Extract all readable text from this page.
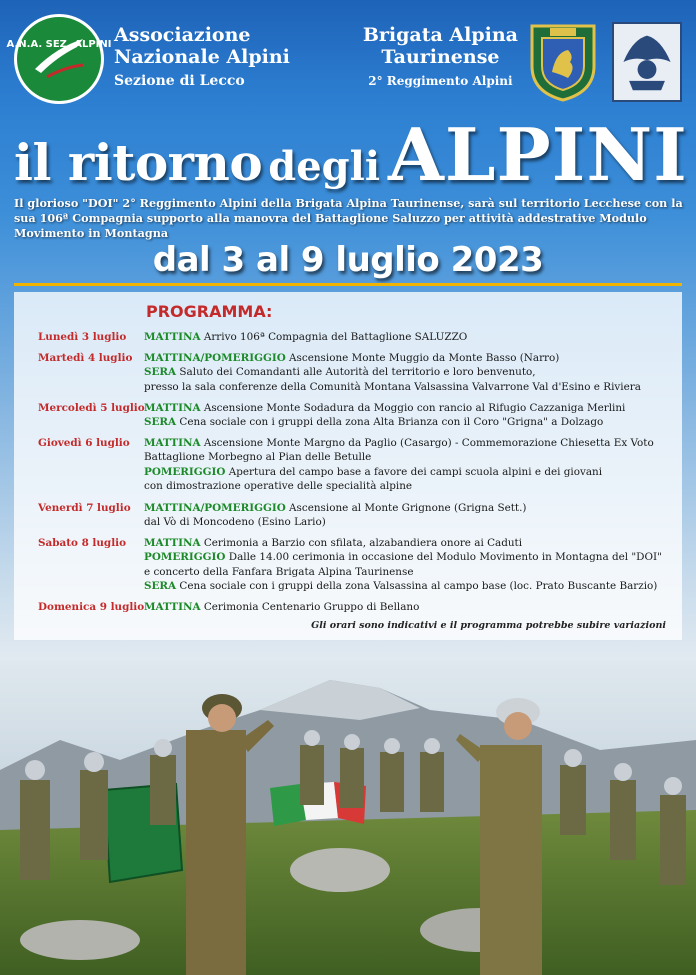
A.N.A. SEZ. ALPINI Associazione
Nazionale Alpini
Sezione di Lecco
Brigata Alpina
Taurinense
2° Reggimento Alpini
il ritorno degli ALPINI
Il glorioso "DOI" 2° Reggimento Alpini della Brigata Alpina Taurinense, sarà sul territorio Lecchese con la sua 106ª Compagnia supporto alla manovra del Battaglione Saluzzo per attività addestrative Modulo Movimento in Montagna
dal 3 al 9 luglio 2023
PROGRAMMA:
Lunedì 3 luglio MATTINA Arrivo 106ª Compagnia del Battaglione SALUZZO
Martedì 4 luglio MATTINA/POMERIGGIO Ascensione Monte Muggio da Monte Basso (Narro)
SERA Saluto dei Comandanti alle Autorità del territorio e loro benvenuto,
presso la sala conferenze della Comunità Montana Valsassina Valvarrone Val d'Esino e Riviera
Mercoledì 5 luglio MATTINA Ascensione Monte Sodadura da Moggio con rancio al Rifugio Cazzaniga Merlini
SERA Cena sociale con i gruppi della zona Alta Brianza con il Coro "Grigna" a Dolzago
Giovedì 6 luglio MATTINA Ascensione Monte Margno da Paglio (Casargo) - Commemorazione Chiesetta Ex Voto
Battaglione Morbegno al Pian delle Betulle
POMERIGGIO Apertura del campo base a favore dei campi scuola alpini e dei giovani
con dimostrazione operative delle specialità alpine
Venerdì 7 luglio MATTINA/POMERIGGIO Ascensione al Monte Grignone (Grigna Sett.)
dal Vò di Moncodeno (Esino Lario)
Sabato 8 luglio MATTINA Cerimonia a Barzio con sfilata, alzabandiera onore ai Caduti
POMERIGGIO Dalle 14.00 cerimonia in occasione del Modulo Movimento in Montagna del "DOI"
e concerto della Fanfara Brigata Alpina Taurinense
SERA Cena sociale con i gruppi della zona Valsassina al campo base (loc. Prato Buscante Barzio)
Domenica 9 luglio MATTINA Cerimonia Centenario Gruppo di Bellano
Gli orari sono indicativi e il programma potrebbe subire variazioni
